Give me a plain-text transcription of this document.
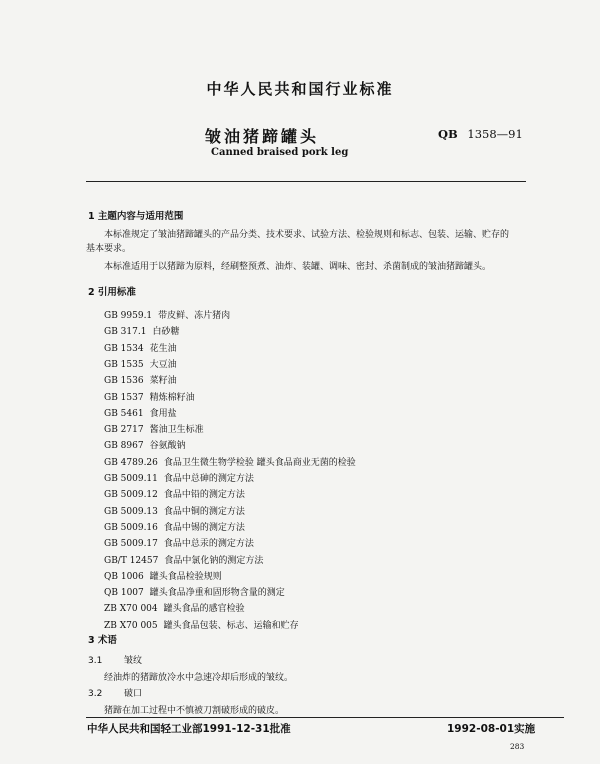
中华人民共和国行业标准
皱油猪蹄罐头	QB 1358—91
Canned braised pork leg
1 主题内容与适用范围
本标准规定了皱油猪蹄罐头的产品分类、技术要求、试验方法、检验规则和标志、包装、运输、贮存的
基本要求。
本标准适用于以猪蹄为原料，经刷整预煮、油炸、装罐、调味、密封、杀菌制成的皱油猪蹄罐头。
2 引用标准
GB 9959.1 带皮鲜、冻片猪肉
GB 317.1 白砂糖
GB 1534 花生油
GB 1535 大豆油
GB 1536 菜籽油
GB 1537 精炼棉籽油
GB 5461 食用盐
GB 2717 酱油卫生标准
GB 8967 谷氨酸钠
GB 4789.26 食品卫生微生物学检验 罐头食品商业无菌的检验
GB 5009.11 食品中总砷的测定方法
GB 5009.12 食品中铅的测定方法
GB 5009.13 食品中铜的测定方法
GB 5009.16 食品中锡的测定方法
GB 5009.17 食品中总汞的测定方法
GB/T 12457 食品中氯化钠的测定方法
QB 1006 罐头食品检验规则
QB 1007 罐头食品净重和固形物含量的测定
ZB X70 004 罐头食品的感官检验
ZB X70 005 罐头食品包装、标志、运输和贮存
3 术语
3.1 皱纹
经油炸的猪蹄放冷水中急速冷却后形成的皱纹。
3.2 破口
猪蹄在加工过程中不慎被刀割破形成的破皮。
中华人民共和国轻工业部1991-12-31批准	1992-08-01实施
283
